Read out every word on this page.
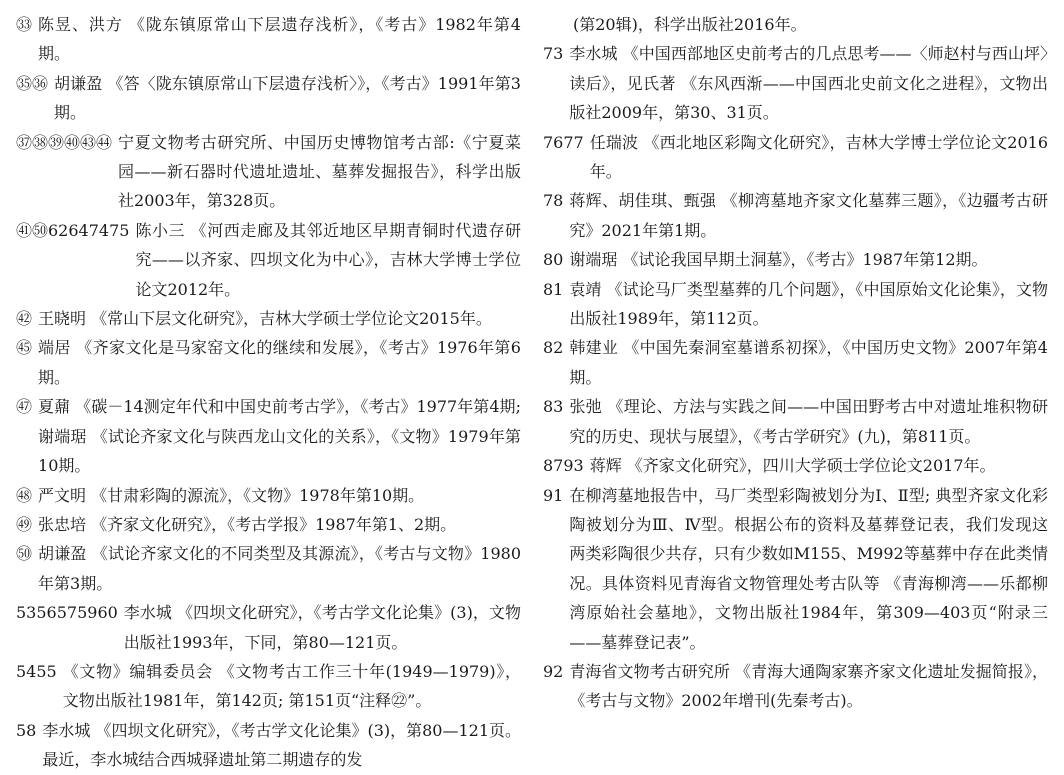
㉝ 陈昱、洪方 《陇东镇原常山下层遗存浅析》，《考古》1982年第4期。
㉟㊱ 胡谦盈 《答〈陇东镇原常山下层遗存浅析〉》，《考古》1991年第3期。
㊲㊳㊴㊵㊸㊹ 宁夏文物考古研究所、中国历史博物馆考古部:《宁夏菜园——新石器时代遗址遗址、墓葬发掘报告》，科学出版社2003年，第328页。
㊶㊿62647475 陈小三 《河西走廊及其邻近地区早期青铜时代遗存研究——以齐家、四坝文化为中心》，吉林大学博士学位论文2012年。
㊷ 王晓明 《常山下层文化研究》，吉林大学硕士学位论文2015年。
㊺ 端居 《齐家文化是马家窑文化的继续和发展》，《考古》1976年第6期。
㊼ 夏鼐 《碳－14测定年代和中国史前考古学》，《考古》1977年第4期; 谢端琚 《试论齐家文化与陕西龙山文化的关系》，《文物》1979年第10期。
㊽ 严文明 《甘肃彩陶的源流》，《文物》1978年第10期。
㊾ 张忠培 《齐家文化研究》，《考古学报》1987年第1、2期。
㊿ 胡谦盈 《试论齐家文化的不同类型及其源流》，《考古与文物》1980年第3期。
5356575960 李水城 《四坝文化研究》，《考古学文化论集》(3)，文物出版社1993年，下同，第80—121页。
5455 《文物》编辑委员会 《文物考古工作三十年(1949—1979)》，文物出版社1981年，第142页; 第151页“注释㉒”。
58 李水城 《四坝文化研究》，《考古学文化论集》(3)，第80—121页。最近，李水城结合西城驿遗址第二期遗存的发
(第20辑)，科学出版社2016年。
73 李水城 《中国西部地区史前考古的几点思考——〈师赵村与西山坪〉读后》，见氏著 《东风西渐——中国西北史前文化之进程》，文物出版社2009年，第30、31页。
7677 任瑞波 《西北地区彩陶文化研究》，吉林大学博士学位论文2016年。
78 蒋辉、胡佳琪、甄强 《柳湾墓地齐家文化墓葬三题》，《边疆考古研究》2021年第1期。
80 谢端琚 《试论我国早期土洞墓》，《考古》1987年第12期。
81 袁靖 《试论马厂类型墓葬的几个问题》，《中国原始文化论集》，文物出版社1989年，第112页。
82 韩建业 《中国先秦洞室墓谱系初探》，《中国历史文物》2007年第4期。
83 张弛 《理论、方法与实践之间——中国田野考古中对遗址堆积物研究的历史、现状与展望》，《考古学研究》(九)，第811页。
8793 蒋辉 《齐家文化研究》，四川大学硕士学位论文2017年。
91 在柳湾墓地报告中，马厂类型彩陶被划分为Ⅰ、Ⅱ型; 典型齐家文化彩陶被划分为Ⅲ、Ⅳ型。根据公布的资料及墓葬登记表，我们发现这两类彩陶很少共存，只有少数如M155、M992等墓葬中存在此类情况。具体资料见青海省文物管理处考古队等 《青海柳湾——乐都柳湾原始社会墓地》，文物出版社1984年，第309—403页“附录三——墓葬登记表”。
92 青海省文物考古研究所 《青海大通陶家寨齐家文化遗址发掘简报》，《考古与文物》2002年增刊(先秦考古)。
